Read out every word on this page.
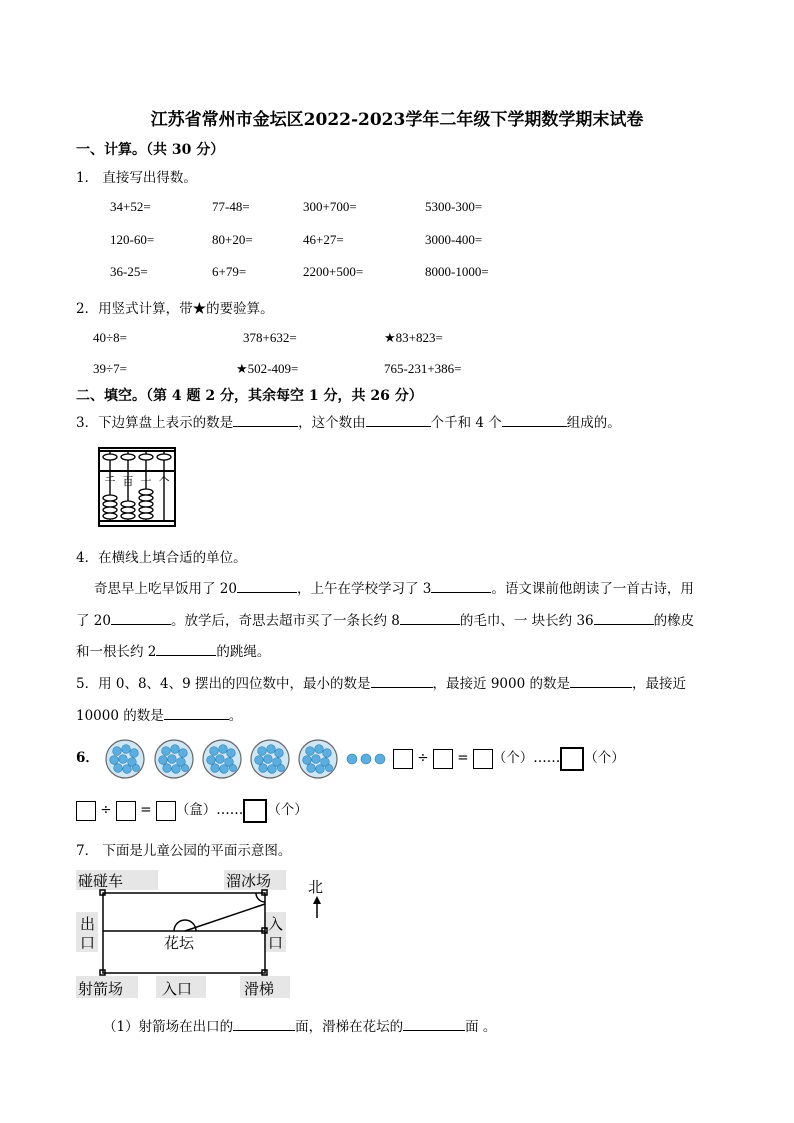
江苏省常州市金坛区2022-2023学年二年级下学期数学期末试卷
一、计算。（共 30 分）
1． 直接写出得数。
34+52=	77-48=	300+700=	5300-300=
120-60=	80+20=	46+27=	3000-400=
36-25=	6+79=	2200+500=	8000-1000=
2．用竖式计算，带★的要验算。
40÷8=	378+632=	★83+823=
39÷7=	★502-409=	765-231+386=
二、填空。（第 4 题 2 分，其余每空 1 分，共 26 分）
3．下边算盘上表示的数是	，这个数由	个千和 4 个	组成的。
千 百 十 个
4．在横线上填合适的单位。
奇思早上吃早饭用了 20	，上午在学校学习了 3	。语文课前他朗读了一首古诗，用
了 20	。放学后，奇思去超市买了一条长约 8	的毛巾、一 块长约 36	的橡皮
和一根长约 2	的跳绳。
5．用 0、8、4、9 摆出的四位数中，最小的数是	，最接近 9000 的数是	，最接近
10000 的数是	。
6．	÷ = （个）…… （个）
÷ = （盒）…… （个）
7． 下面是儿童公园的平面示意图。
碰碰车	溜冰场
射箭场	入口	滑梯
出
口
入
口
花坛
北
（1）射箭场在出口的	面，滑梯在花坛的	面 。
